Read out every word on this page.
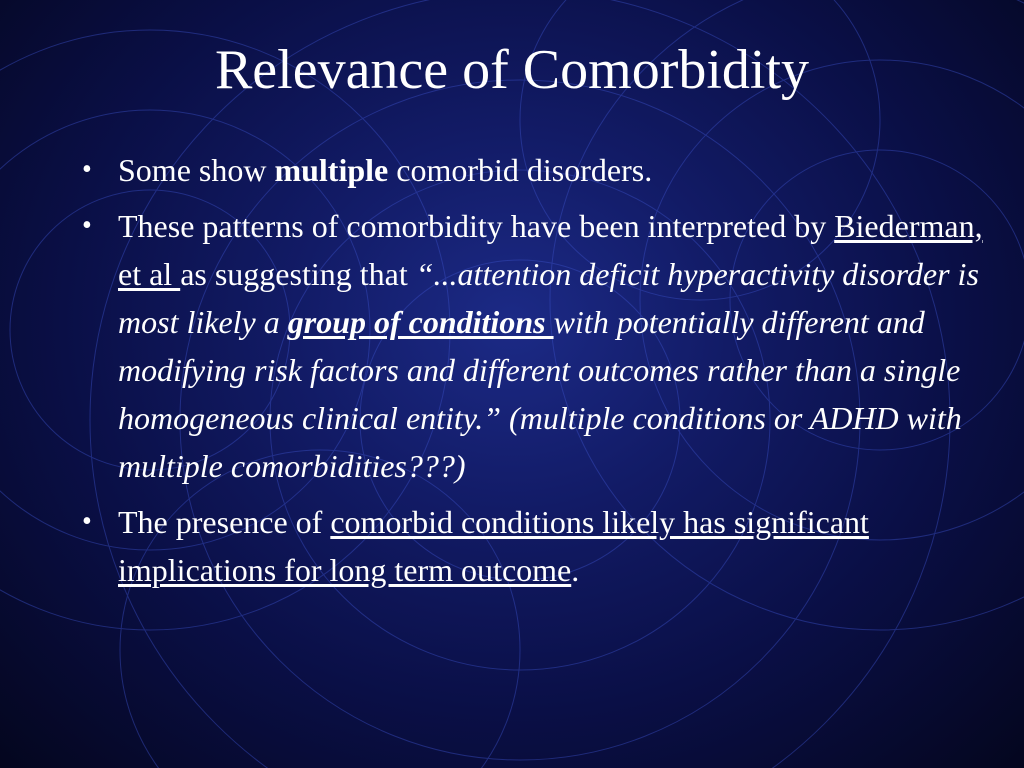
Relevance of Comorbidity
• Some show multiple comorbid disorders.
• These patterns of comorbidity have been interpreted by Biederman, et al as suggesting that “...attention deficit hyperactivity disorder is most likely a group of conditions with potentially different and modifying risk factors and different outcomes rather than a single homogeneous clinical entity.” (multiple conditions or ADHD with multiple comorbidities???)
• The presence of comorbid conditions likely has significant implications for long term outcome.
